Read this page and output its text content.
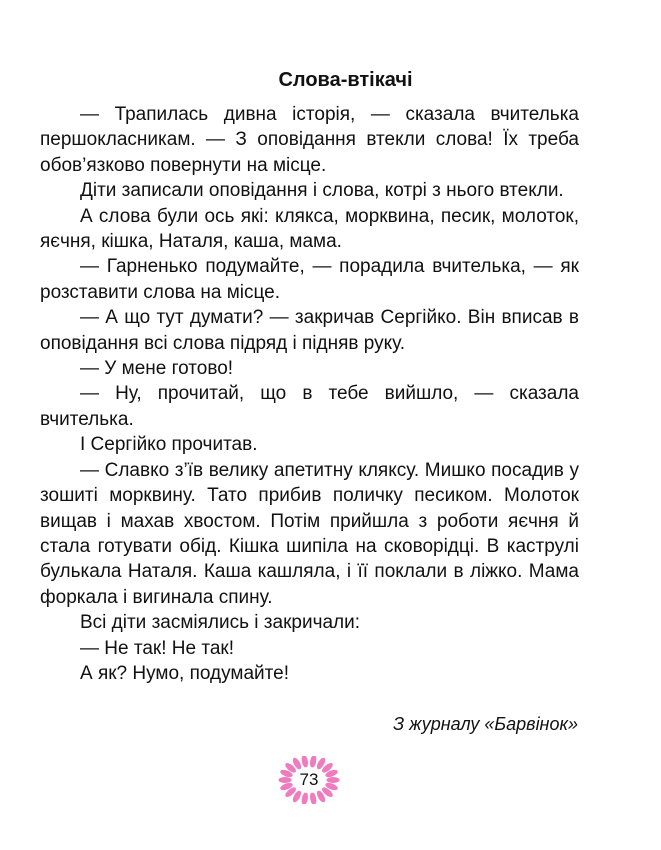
Слова-втікачі

— Трапилась дивна історія, — сказала вчителька першокласникам. — З оповідання втекли слова! Їх треба обов’язково повернути на місце.

Діти записали оповідання і слова, котрі з нього втекли.

А слова були ось які: клякса, морквина, песик, молоток, яєчня, кішка, Наталя, каша, мама.

— Гарненько подумайте, — порадила вчителька, — як розставити слова на місце.

— А що тут думати? — закричав Сергійко. Він вписав в оповідання всі слова підряд і підняв руку.

— У мене готово!

— Ну, прочитай, що в тебе вийшло, — сказала вчителька.

І Сергійко прочитав.

— Славко з’їв велику апетитну кляксу. Мишко посадив у зошиті морквину. Тато прибив поличку песиком. Молоток вищав і махав хвостом. Потім прийшла з роботи яєчня й стала готувати обід. Кішка шипіла на сковорідці. В каструлі булькала Наталя. Каша кашляла, і її поклали в ліжко. Мама форкала і вигинала спину.

Всі діти засміялись і закричали:

— Не так! Не так!

А як? Нумо, подумайте!

З журналу «Барвінок»
73
